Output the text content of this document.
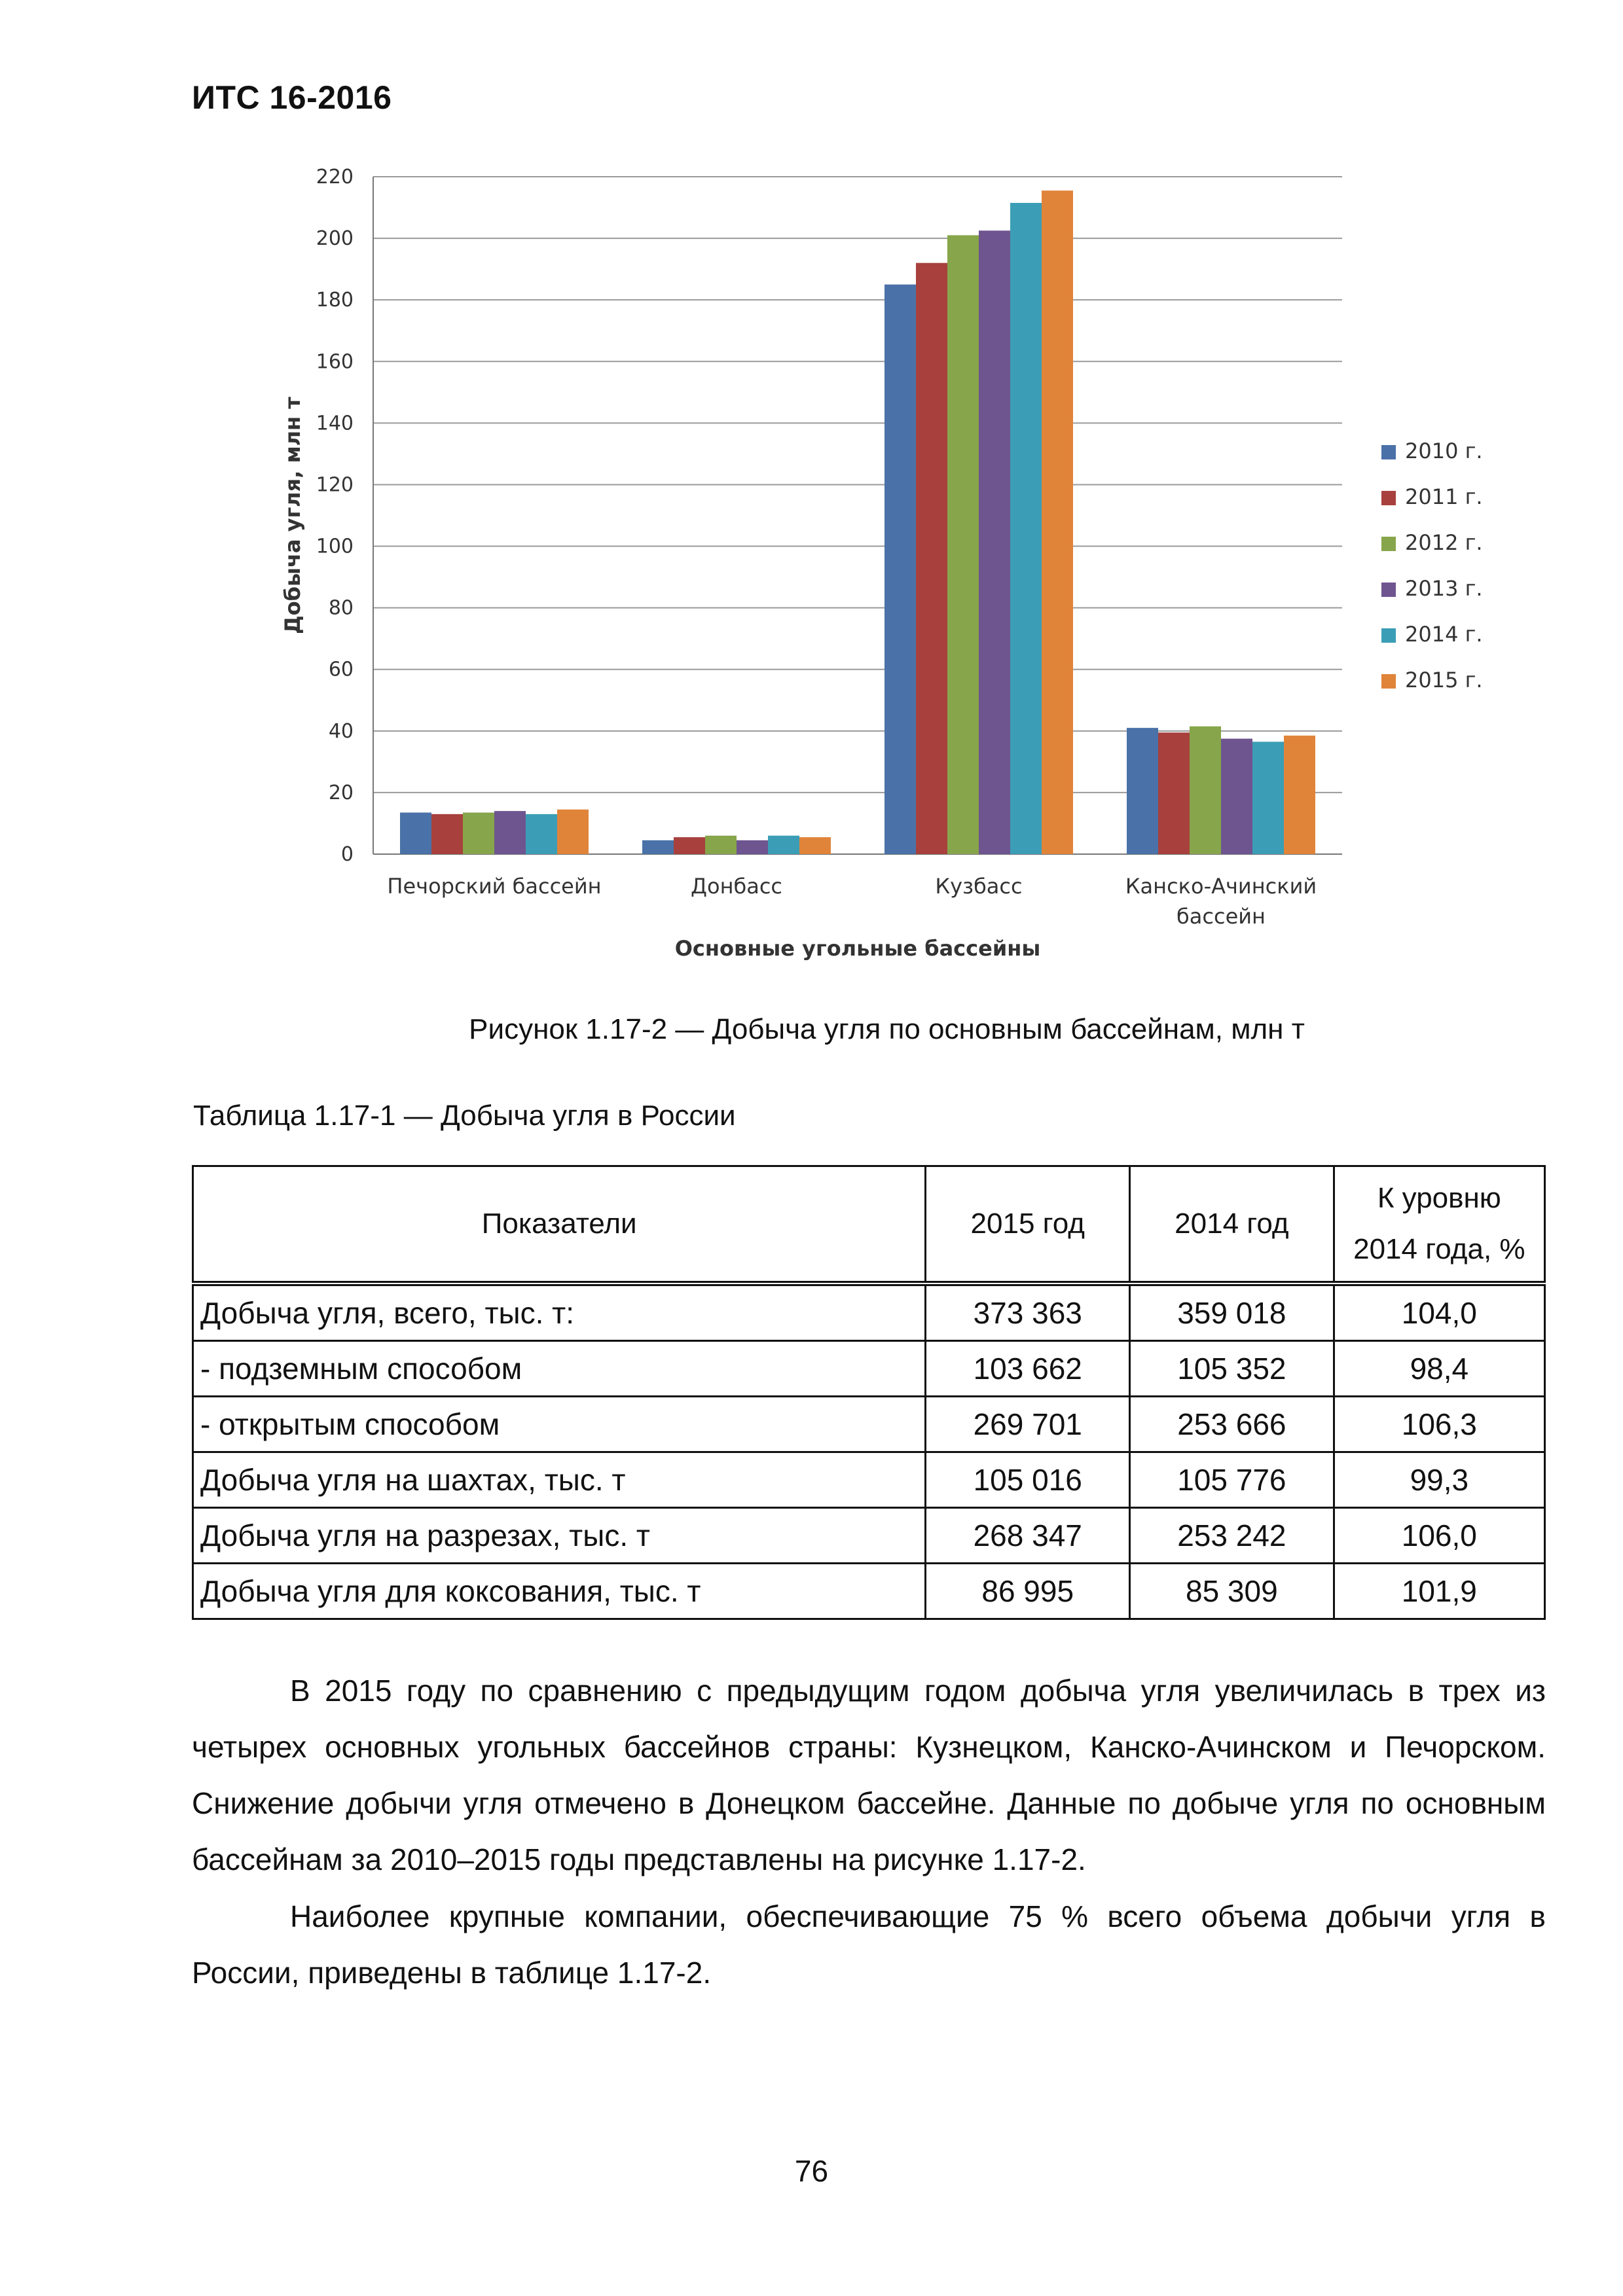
ИТС 16-2016
0
20
40
60
80
100
120
140
160
180
200
220
Печорский бассейн	Донбасс	Кузбасс	Канско-Ачинский
бассейн
Основные угольные бассейны
Добыча угля, млн т	2010 г.
2011 г.
2012 г.
2013 г.
2014 г.
2015 г.
Рисунок 1.17-2 — Добыча угля по основным бассейнам, млн т
Таблица 1.17-1 — Добыча угля в России
Показатели	2015 год	2014 год	К уровню
2014 года, %

Добыча угля, всего, тыс. т:	373 363	359 018	104,0
- подземным способом	103 662	105 352	98,4
- открытым способом	269 701	253 666	106,3
Добыча угля на шахтах, тыс. т	105 016	105 776	99,3
Добыча угля на разрезах, тыс. т	268 347	253 242	106,0
Добыча угля для коксования, тыс. т	86 995	85 309	101,9
В 2015 году по сравнению с предыдущим годом добыча угля увеличилась в трех из четырех основных угольных бассейнов страны: Кузнецком, Канско-Ачинском и Печорском. Снижение добычи угля отмечено в Донецком бассейне. Данные по добыче угля по основным бассейнам за 2010–2015 годы представлены на рисунке 1.17-2.
Наиболее крупные компании, обеспечивающие 75 % всего объема добычи угля в России, приведены в таблице 1.17-2.
76
